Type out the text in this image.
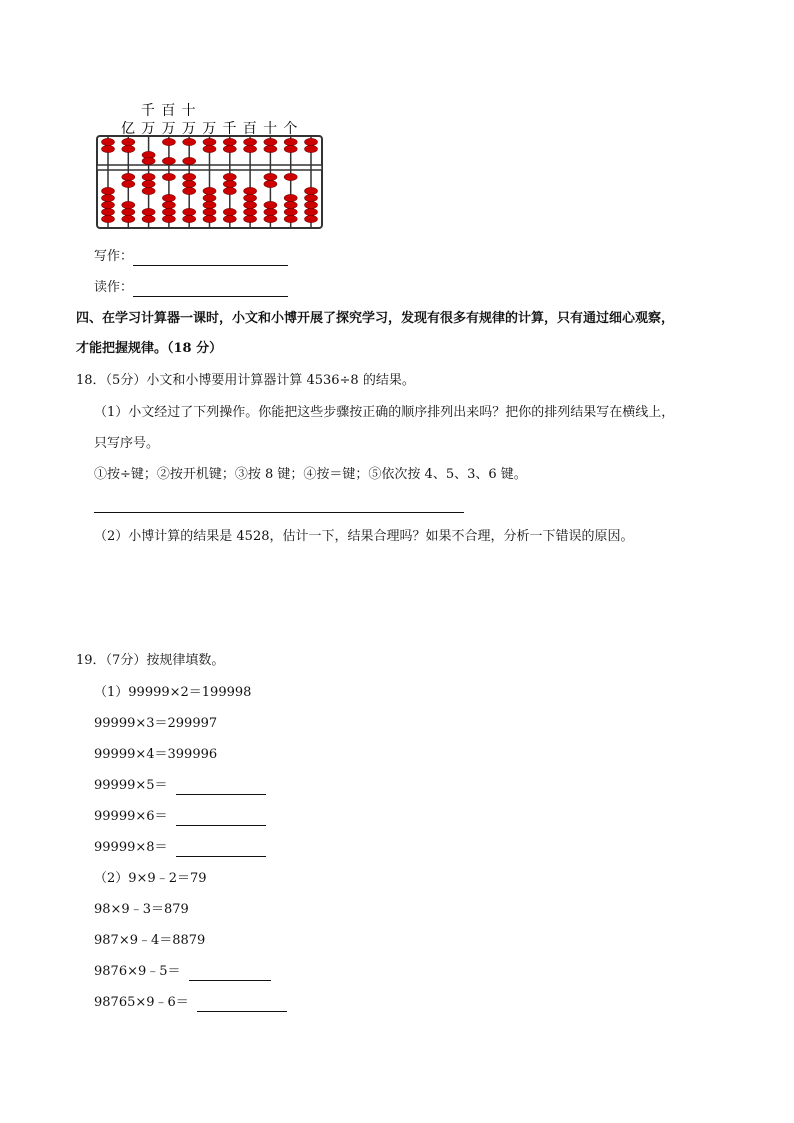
千 百 十
亿 万 万 万 万 千 百 十 个
写作：
读作：
四、在学习计算器一课时，小文和小博开展了探究学习，发现有很多有规律的计算，只有通过细心观察，
才能把握规律。（18 分）
18．（5分）小文和小博要用计算器计算 4536÷8 的结果。
（1）小文经过了下列操作。你能把这些步骤按正确的顺序排列出来吗？把你的排列结果写在横线上，
只写序号。
①按÷键；②按开机键；③按 8 键；④按＝键；⑤依次按 4、5、3、6 键。
（2）小博计算的结果是 4528，估计一下，结果合理吗？如果不合理，分析一下错误的原因。
19．（7分）按规律填数。
（1）99999×2＝199998
99999×3＝299997
99999×4＝399996
99999×5＝
99999×6＝
99999×8＝
（2）9×9﹣2＝79
98×9﹣3＝879
987×9﹣4＝8879
9876×9﹣5＝
98765×9﹣6＝
